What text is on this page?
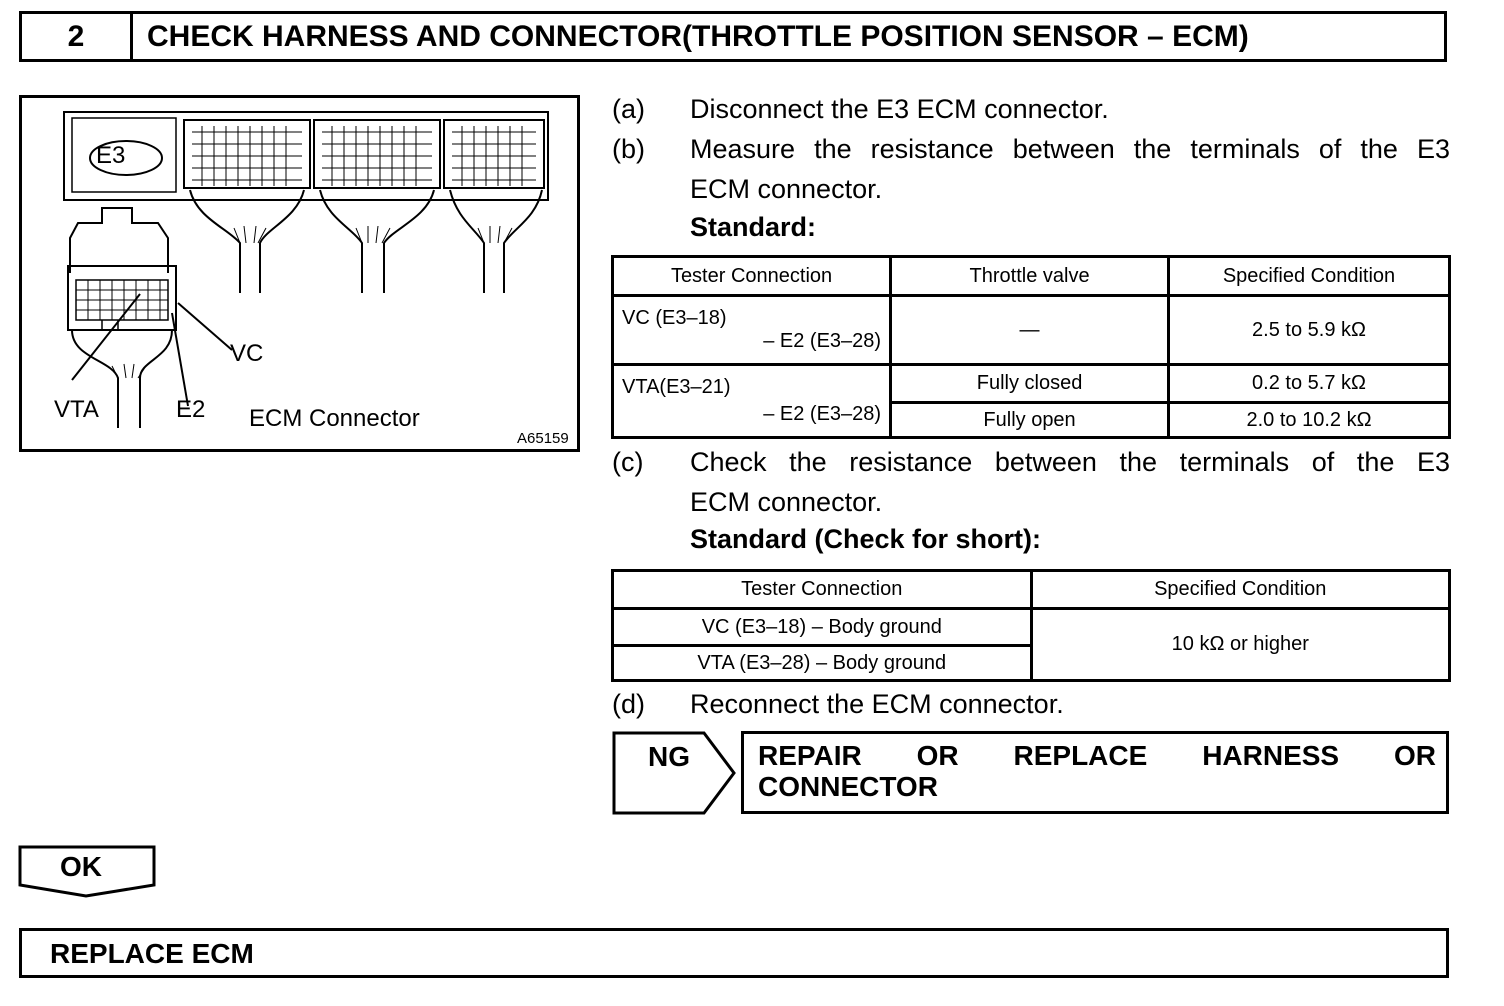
2	CHECK HARNESS AND CONNECTOR(THROTTLE POSITION SENSOR – ECM)
E3
VC
VTA	E2 ECM Connector
A65159
(a) Disconnect the E3 ECM connector.
(b) Measure the resistance between the terminals of the E3
ECM connector.
Standard:
Tester Connection	Throttle valve	Specified Condition

VC (E3–18)
– E2 (E3–28)	—	2.5 to 5.9 kΩ

VTA(E3–21)
– E2 (E3–28)	Fully closed	0.2 to 5.7 kΩ
	Fully open	2.0 to 10.2 kΩ
(c) Check the resistance between the terminals of the E3
ECM connector.
Standard (Check for short):
Tester Connection	Specified Condition
VC (E3–18) – Body ground	10 kΩ or higher
VTA (E3–28) – Body ground	
(d) Reconnect the ECM connector.
NG REPAIR OR REPLACE HARNESS OR
CONNECTOR
OK
REPLACE ECM
